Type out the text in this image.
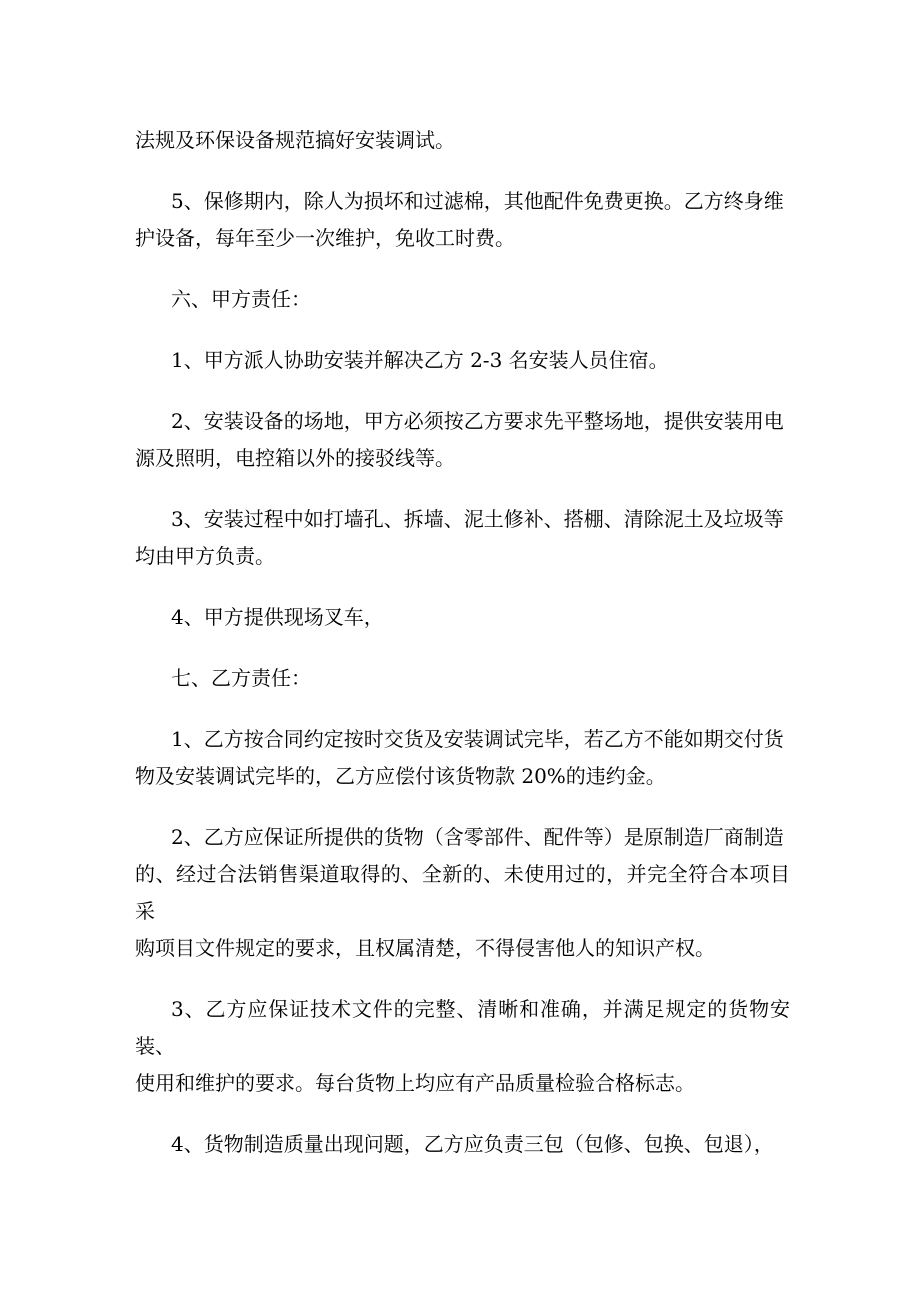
法规及环保设备规范搞好安装调试。

5、保修期内，除人为损坏和过滤棉，其他配件免费更换。乙方终身维
护设备，每年至少一次维护，免收工时费。

六、甲方责任：

1、甲方派人协助安装并解决乙方 2-3 名安装人员住宿。

2、安装设备的场地，甲方必须按乙方要求先平整场地，提供安装用电
源及照明，电控箱以外的接驳线等。

3、安装过程中如打墙孔、拆墙、泥土修补、搭棚、清除泥土及垃圾等
均由甲方负责。

4、甲方提供现场叉车，

七、乙方责任：

1、乙方按合同约定按时交货及安装调试完毕，若乙方不能如期交付货
物及安装调试完毕的，乙方应偿付该货物款 20%的违约金。

2、乙方应保证所提供的货物（含零部件、配件等）是原制造厂商制造
的、经过合法销售渠道取得的、全新的、未使用过的，并完全符合本项目采
购项目文件规定的要求，且权属清楚，不得侵害他人的知识产权。

3、乙方应保证技术文件的完整、清晰和准确，并满足规定的货物安装、
使用和维护的要求。每台货物上均应有产品质量检验合格标志。

4、货物制造质量出现问题，乙方应负责三包（包修、包换、包退），
